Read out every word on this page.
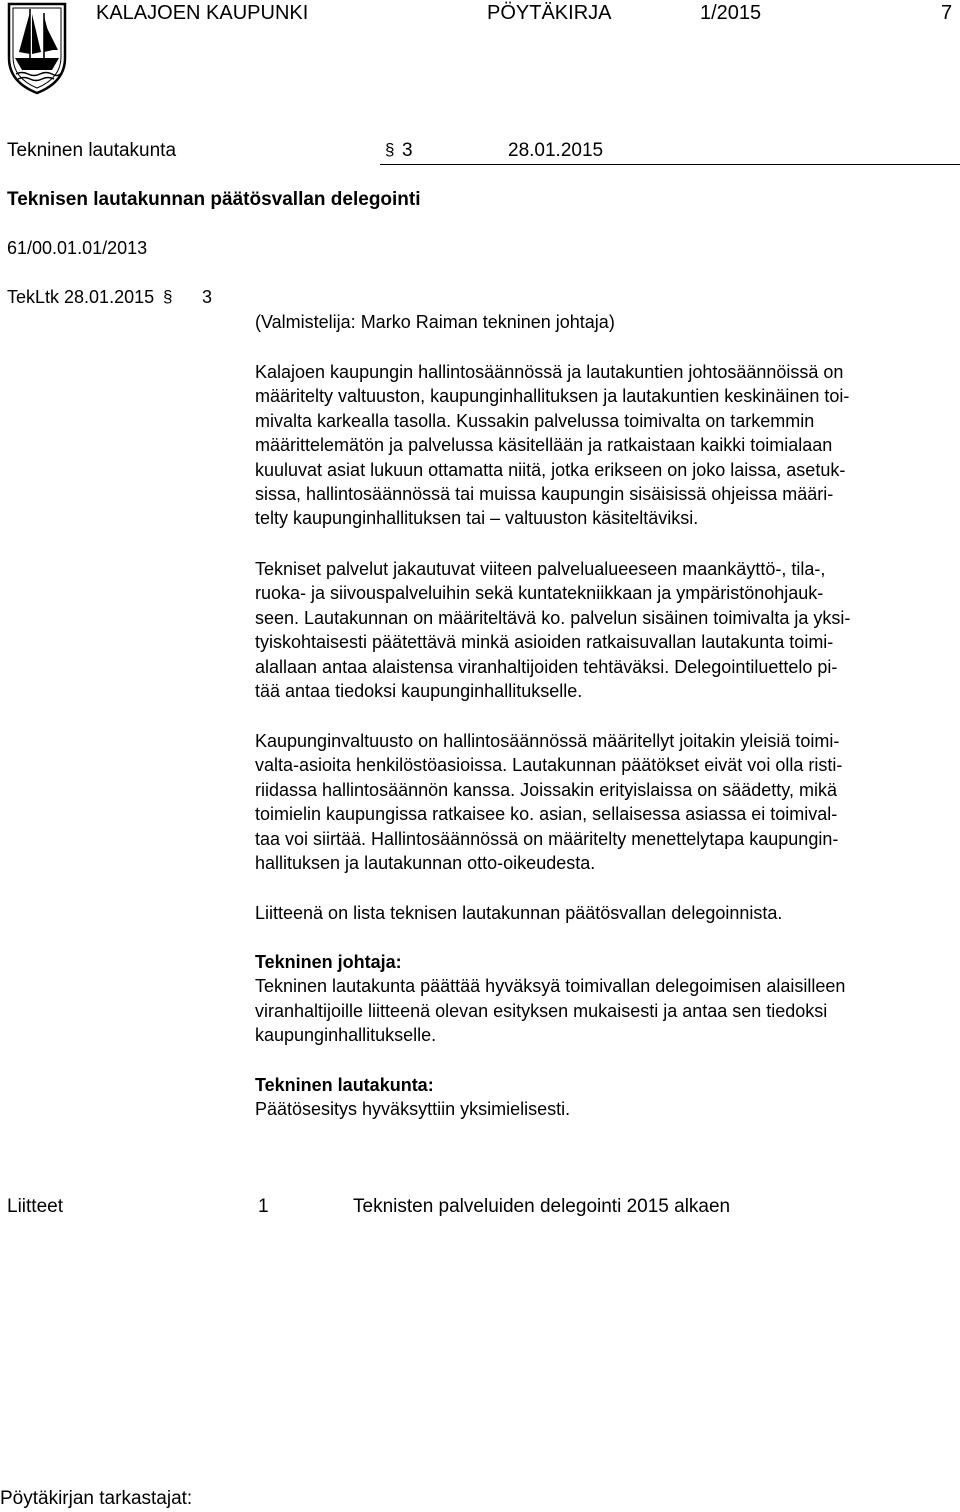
KALAJOEN KAUPUNKI	PÖYTÄKIRJA	1/2015	7
Tekninen lautakunta	§ 3	28.01.2015
Teknisen lautakunnan päätösvallan delegointi
61/00.01.01/2013
TekLtk 28.01.2015 § 3
(Valmistelija: Marko Raiman tekninen johtaja)

Kalajoen kaupungin hallintosäännössä ja lautakuntien johtosäännöissä on

määritelty valtuuston, kaupunginhallituksen ja lautakuntien keskinäinen toi-

mivalta karkealla tasolla. Kussakin palvelussa toimivalta on tarkemmin

määrittelemätön ja palvelussa käsitellään ja ratkaistaan kaikki toimialaan

kuuluvat asiat lukuun ottamatta niitä, jotka erikseen on joko laissa, asetuk-

sissa, hallintosäännössä tai muissa kaupungin sisäisissä ohjeissa määri-

telty kaupunginhallituksen tai – valtuuston käsiteltäviksi.

Tekniset palvelut jakautuvat viiteen palvelualueeseen maankäyttö-, tila-,

ruoka- ja siivouspalveluihin sekä kuntatekniikkaan ja ympäristönohjauk-

seen. Lautakunnan on määriteltävä ko. palvelun sisäinen toimivalta ja yksi-

tyiskohtaisesti päätettävä minkä asioiden ratkaisuvallan lautakunta toimi-

alallaan antaa alaistensa viranhaltijoiden tehtäväksi. Delegointiluettelo pi-

tää antaa tiedoksi kaupunginhallitukselle.

Kaupunginvaltuusto on hallintosäännössä määritellyt joitakin yleisiä toimi-

valta-asioita henkilöstöasioissa. Lautakunnan päätökset eivät voi olla risti-

riidassa hallintosäännön kanssa. Joissakin erityislaissa on säädetty, mikä

toimielin kaupungissa ratkaisee ko. asian, sellaisessa asiassa ei toimival-

taa voi siirtää. Hallintosäännössä on määritelty menettelytapa kaupungin-

hallituksen ja lautakunnan otto-oikeudesta.

Liitteenä on lista teknisen lautakunnan päätösvallan delegoinnista.

Tekninen johtaja:

Tekninen lautakunta päättää hyväksyä toimivallan delegoimisen alaisilleen

viranhaltijoille liitteenä olevan esityksen mukaisesti ja antaa sen tiedoksi

kaupunginhallitukselle.

Tekninen lautakunta:

Päätösesitys hyväksyttiin yksimielisesti.

Liitteet	1	Teknisten palveluiden delegointi 2015 alkaen
Pöytäkirjan tarkastajat:
